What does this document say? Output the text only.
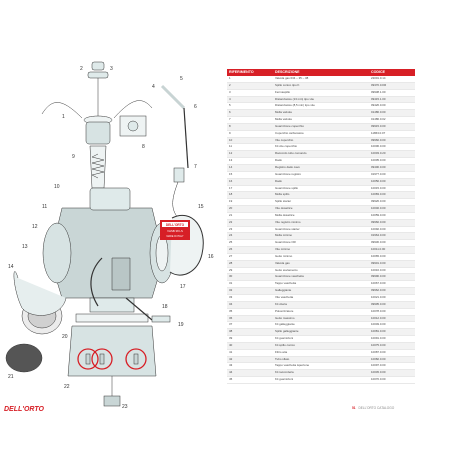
1
2	3
4
5
6
7
8
9
10
11
12
13
14
15
16
17
18
19
20
21
22
23
DELL'ORTO
VHSB 38 LS
MADE IN ITALY
DELL'ORTO
RIFERIMENTO	DESCRIZIONE	CODICE
1	Valvola gas 034 – 35 – 38	22001.0.14
2	Spillo conico tipo K	09370.0.KR
3	Fermaspillo	09938.1.00
4	Distanziatore (13 min) tipo vite	09415.1.00
5	Distanziatore (8,5 min) tipo vite	09426.0.00
6	Molla valvola	01486.0.00
7	Molla valvola	01486.0.02
8	Guarnizione coperchio	09915.0.00
9	Coperchio carburatore	11863.0.07
10	Vite coperchio	09960.0.00
11	Kit vite coperchio	10006.0.00
12	Raccordo tubo comando	10003.0.20
13	Dado	10005.0.00
14	Registro dado cavo	09400.0.00
15	Guarnizione registro	01977.0.00
16	Dado	10050.0.00
17	Guarnizione spillo	10015.0.00
18	Molla spillo	10083.0.00
19	Spillo starter	09926.0.00
20	Vite dosatrice	10046.0.00
21	Molla dosatrice	10059.0.00
22	Vite registro minimo	09960.0.00
23	Guarnizione starter	10092.0.00
24	Molla minimo	01964.0.00
25	Guarnizione OR	09930.0.00
26	Vite minimo	10011.0.00
27	Getto minimo	10065.0.00
28	Valvola gas	09901.0.00
29	Getto avviamento	10016.0.00
30	Guarnizione vaschetta	09990.0.00
31	Tappo vaschetta	10067.0.00
32	Galleggiante	09962.0.00
33	Vite vaschetta	10021.0.00
34	Kit viteria	09905.0.00
35	Polverizzatore	10078.0.00
36	Getto massimo	10012.0.00
37	Kit galleggiante	10049.0.00
38	Spillo galleggiante	10081.0.00
39	Kit guarnizioni	10091.0.00
40	Kit spillo conico	10075.0.00
41	Filtro aria	10087.0.00
42	Tubo sfiato	10082.0.00
43	Tappo vaschetta ispezione	10097.0.00
44	Kit raccorderia	10045.0.00
45	Kit guarnizioni	10070.0.00
51 DELL'ORTO CATALOGO
